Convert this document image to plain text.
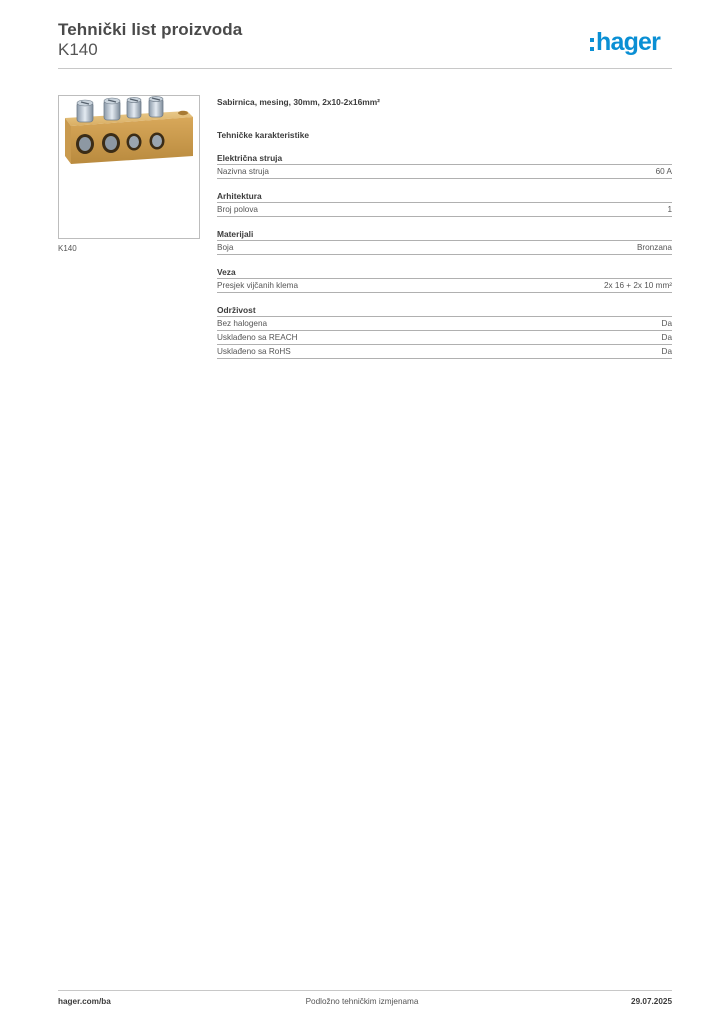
Tehnički list proizvoda
K140	hager
K140
Sabirnica, mesing, 30mm, 2x10-2x16mm²
Tehničke karakteristike
Električna struja
Nazivna struja	60 A
Arhitektura
Broj polova	1
Materijali
Boja	Bronzana
Veza
Presjek vijčanih klema	2x 16 + 2x 10 mm²
Održivost
Bez halogena	Da
Usklađeno sa REACH	Da
Usklađeno sa RoHS	Da
hager.com/ba	Podložno tehničkim izmjenama	29.07.2025
